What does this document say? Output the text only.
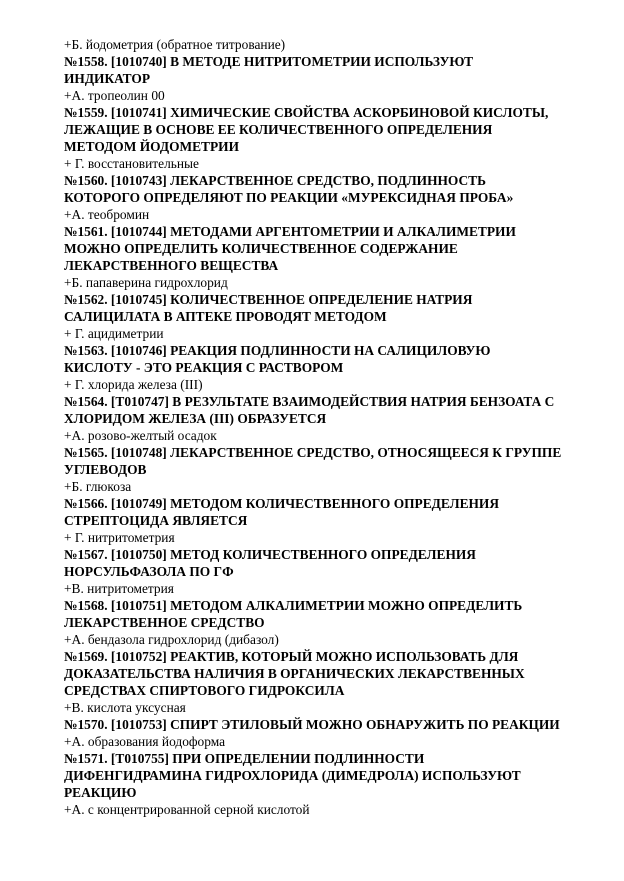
+Б. йодометрия (обратное титрование)
№1558. [1010740] В МЕТОДЕ НИТРИТОМЕТРИИ ИСПОЛЬЗУЮТ
ИНДИКАТОР
+А. тропеолин 00
№1559. [1010741] ХИМИЧЕСКИЕ СВОЙСТВА АСКОРБИНОВОЙ КИСЛОТЫ,
ЛЕЖАЩИЕ В ОСНОВЕ ЕЕ КОЛИЧЕСТВЕННОГО ОПРЕДЕЛЕНИЯ
МЕТОДОМ ЙОДОМЕТРИИ
+ Г. восстановительные
№1560. [1010743] ЛЕКАРСТВЕННОЕ СРЕДСТВО, ПОДЛИННОСТЬ
КОТОРОГО ОПРЕДЕЛЯЮТ ПО РЕАКЦИИ «МУРЕКСИДНАЯ ПРОБА»
+А. теобромин
№1561. [1010744] МЕТОДАМИ АРГЕНТОМЕТРИИ И АЛКАЛИМЕТРИИ
МОЖНО ОПРЕДЕЛИТЬ КОЛИЧЕСТВЕННОЕ СОДЕРЖАНИЕ
ЛЕКАРСТВЕННОГО ВЕЩЕСТВА
+Б. папаверина гидрохлорид
№1562. [1010745] КОЛИЧЕСТВЕННОЕ ОПРЕДЕЛЕНИЕ НАТРИЯ
САЛИЦИЛАТА В АПТЕКЕ ПРОВОДЯТ МЕТОДОМ
+ Г. ацидиметрии
№1563. [1010746] РЕАКЦИЯ ПОДЛИННОСТИ НА САЛИЦИЛОВУЮ
КИСЛОТУ - ЭТО РЕАКЦИЯ С РАСТВОРОМ
+ Г. хлорида железа (III)
№1564. [Т010747] В РЕЗУЛЬТАТЕ ВЗАИМОДЕЙСТВИЯ НАТРИЯ БЕНЗОАТА С
ХЛОРИДОМ ЖЕЛЕЗА (III) ОБРАЗУЕТСЯ
+А. розово-желтый осадок
№1565. [1010748] ЛЕКАРСТВЕННОЕ СРЕДСТВО, ОТНОСЯЩЕЕСЯ К ГРУППЕ
УГЛЕВОДОВ
+Б. глюкоза
№1566. [1010749] МЕТОДОМ КОЛИЧЕСТВЕННОГО ОПРЕДЕЛЕНИЯ
СТРЕПТОЦИДА ЯВЛЯЕТСЯ
+ Г. нитритометрия
№1567. [1010750] МЕТОД КОЛИЧЕСТВЕННОГО ОПРЕДЕЛЕНИЯ
НОРСУЛЬФАЗОЛА ПО ГФ
+В. нитритометрия
№1568. [1010751] МЕТОДОМ АЛКАЛИМЕТРИИ МОЖНО ОПРЕДЕЛИТЬ
ЛЕКАРСТВЕННОЕ СРЕДСТВО
+А. бендазола гидрохлорид (дибазол)
№1569. [1010752] РЕАКТИВ, КОТОРЫЙ МОЖНО ИСПОЛЬЗОВАТЬ ДЛЯ
ДОКАЗАТЕЛЬСТВА НАЛИЧИЯ В ОРГАНИЧЕСКИХ ЛЕКАРСТВЕННЫХ
СРЕДСТВАХ СПИРТОВОГО ГИДРОКСИЛА
+В. кислота уксусная
№1570. [1010753] СПИРТ ЭТИЛОВЫЙ МОЖНО ОБНАРУЖИТЬ ПО РЕАКЦИИ
+А. образования йодоформа
№1571. [Т010755] ПРИ ОПРЕДЕЛЕНИИ ПОДЛИННОСТИ
ДИФЕНГИДРАМИНА ГИДРОХЛОРИДА (ДИМЕДРОЛА) ИСПОЛЬЗУЮТ
РЕАКЦИЮ
+А. с концентрированной серной кислотой
